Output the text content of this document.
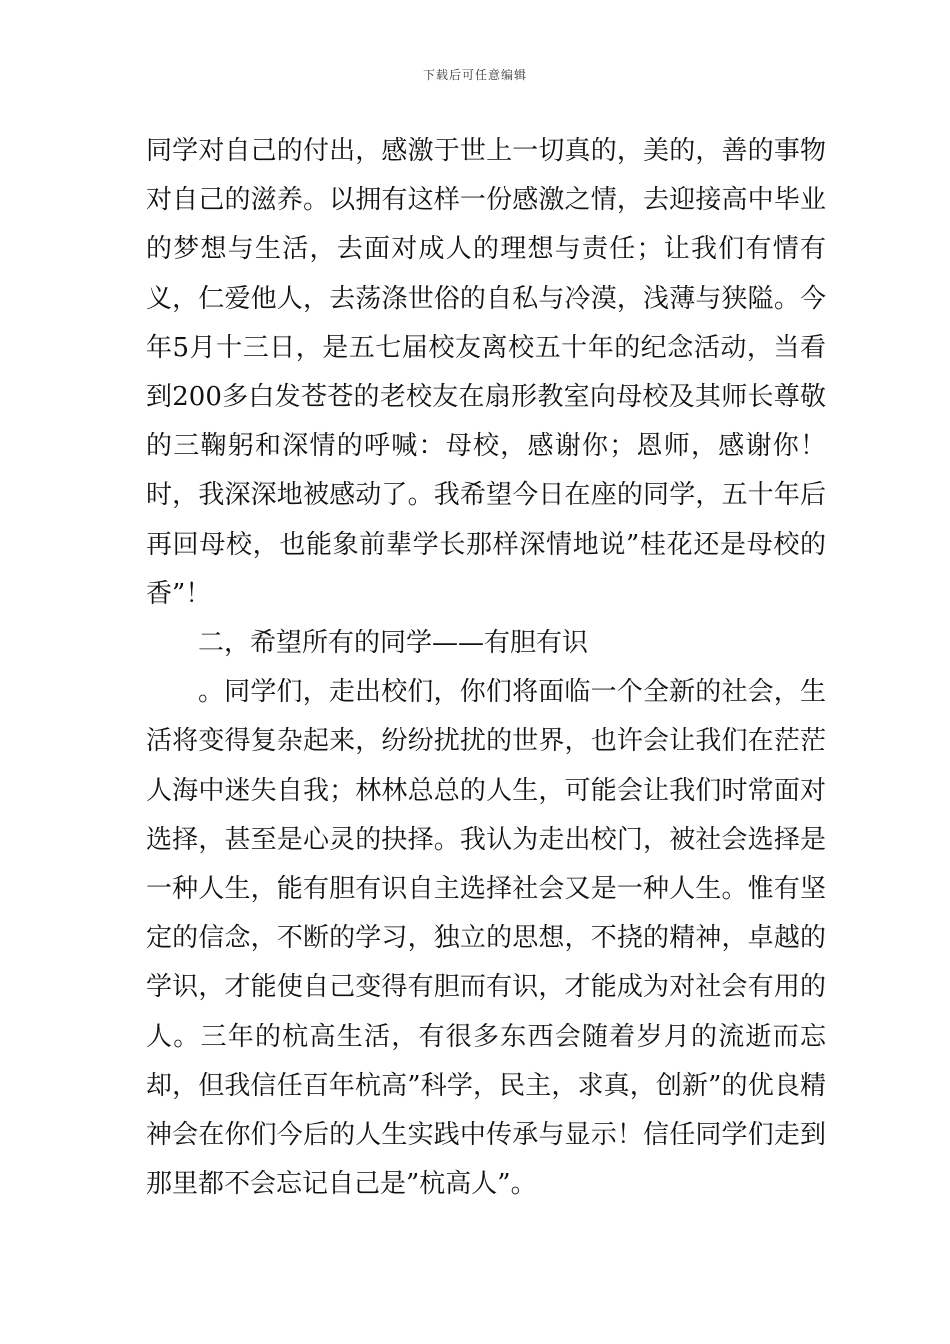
下载后可任意编辑

同学对自己的付出，感激于世上一切真的，美的，善的事物对自己的滋养。以拥有这样一份感激之情，去迎接高中毕业的梦想与生活，去面对成人的理想与责任；让我们有情有义，仁爱他人，去荡涤世俗的自私与冷漠，浅薄与狭隘。今年5月十三日，是五七届校友离校五十年的纪念活动，当看到200多白发苍苍的老校友在扇形教室向母校及其师长尊敬的三鞠躬和深情的呼喊：母校，感谢你；恩师，感谢你！时，我深深地被感动了。我希望今日在座的同学，五十年后再回母校，也能象前辈学长那样深情地说”桂花还是母校的香”！

二，希望所有的同学——有胆有识

。同学们，走出校们，你们将面临一个全新的社会，生活将变得复杂起来，纷纷扰扰的世界，也许会让我们在茫茫人海中迷失自我；林林总总的人生，可能会让我们时常面对选择，甚至是心灵的抉择。我认为走出校门，被社会选择是一种人生，能有胆有识自主选择社会又是一种人生。惟有坚定的信念，不断的学习，独立的思想，不挠的精神，卓越的学识，才能使自己变得有胆而有识，才能成为对社会有用的人。三年的杭高生活，有很多东西会随着岁月的流逝而忘却，但我信任百年杭高”科学，民主，求真，创新”的优良精神会在你们今后的人生实践中传承与显示！信任同学们走到那里都不会忘记自己是”杭高人”。
